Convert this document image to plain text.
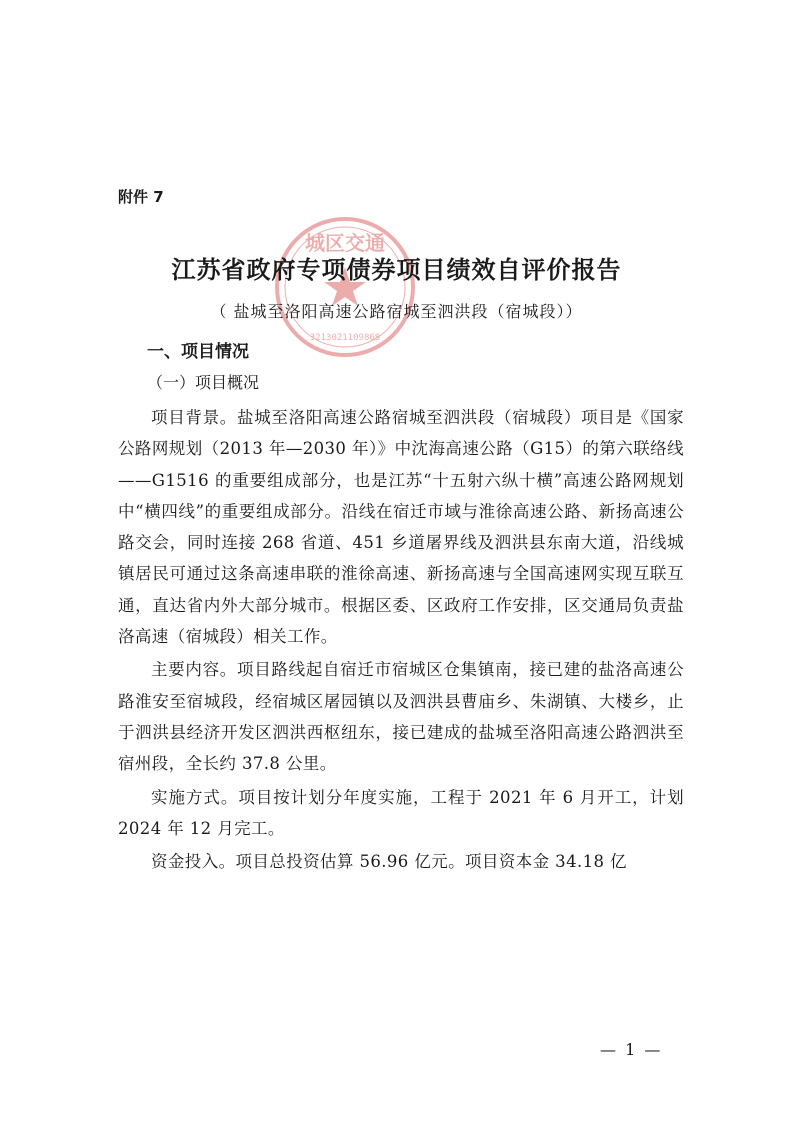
城区交通
3213021109868
附件 7
江苏省政府专项债券项目绩效自评价报告
（ 盐城至洛阳高速公路宿城至泗洪段（宿城段））
一、项目情况
（一）项目概况

项目背景。盐城至洛阳高速公路宿城至泗洪段（宿城段）项目是《国家公路网规划（2013 年—2030 年）》中沈海高速公路（G15）的第六联络线——G1516 的重要组成部分，也是江苏“十五射六纵十横”高速公路网规划中“横四线”的重要组成部分。沿线在宿迁市域与淮徐高速公路、新扬高速公路交会，同时连接 268 省道、451 乡道屠界线及泗洪县东南大道，沿线城镇居民可通过这条高速串联的淮徐高速、新扬高速与全国高速网实现互联互通，直达省内外大部分城市。根据区委、区政府工作安排，区交通局负责盐洛高速（宿城段）相关工作。

主要内容。项目路线起自宿迁市宿城区仓集镇南，接已建的盐洛高速公路淮安至宿城段，经宿城区屠园镇以及泗洪县曹庙乡、朱湖镇、大楼乡，止于泗洪县经济开发区泗洪西枢纽东，接已建成的盐城至洛阳高速公路泗洪至宿州段，全长约 37.8 公里。

实施方式。项目按计划分年度实施，工程于 2021 年 6 月开工，计划 2024 年 12 月完工。

资金投入。项目总投资估算 56.96 亿元。项目资本金 34.18 亿

— 1 —
